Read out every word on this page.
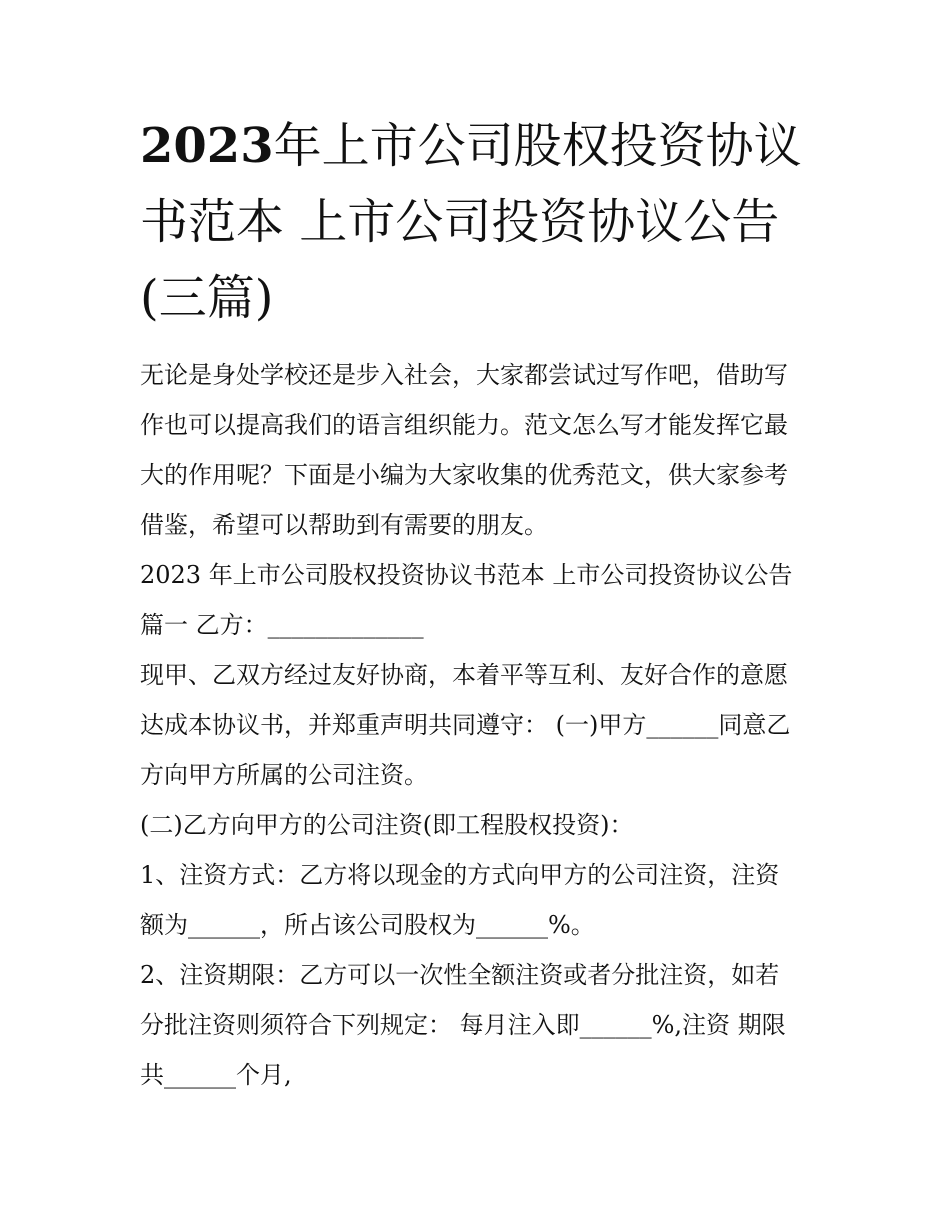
2023年上市公司股权投资协议
书范本 上市公司投资协议公告
(三篇)

无论是身处学校还是步入社会，大家都尝试过写作吧，借助写
作也可以提高我们的语言组织能力。范文怎么写才能发挥它最
大的作用呢？下面是小编为大家收集的优秀范文，供大家参考
借鉴，希望可以帮助到有需要的朋友。

2023 年上市公司股权投资协议书范本 上市公司投资协议公告
篇一 乙方：_____________

现甲、乙双方经过友好协商，本着平等互利、友好合作的意愿
达成本协议书，并郑重声明共同遵守： (一)甲方______同意乙
方向甲方所属的公司注资。

(二)乙方向甲方的公司注资(即工程股权投资)：

1、注资方式：乙方将以现金的方式向甲方的公司注资，注资
额为______，所占该公司股权为______%。

2、注资期限：乙方可以一次性全额注资或者分批注资，如若
分批注资则须符合下列规定： 每月注入即______%,注资 期限
共______个月,
